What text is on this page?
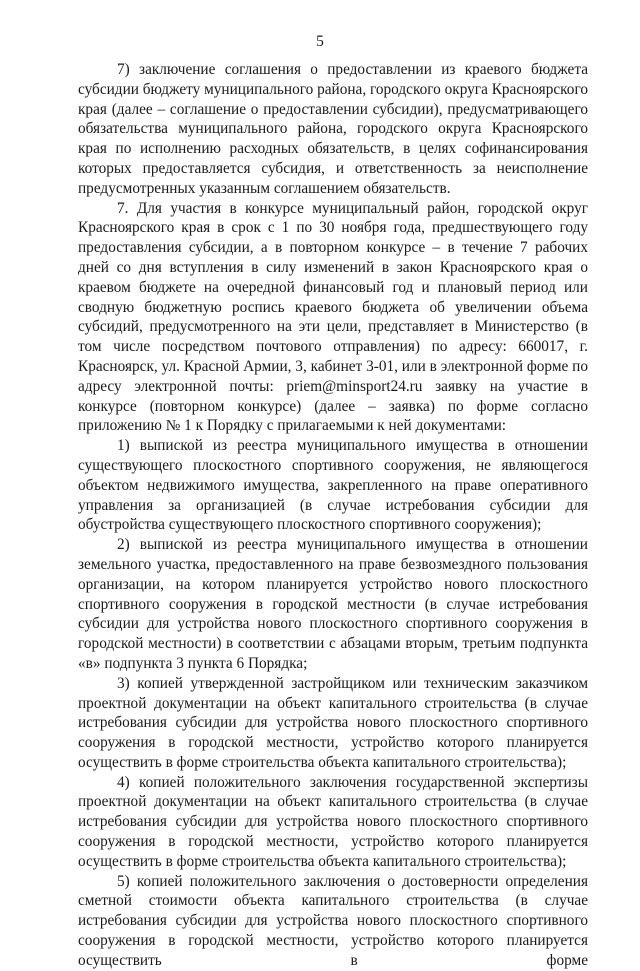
5

7) заключение соглашения о предоставлении из краевого бюджета субсидии бюджету муниципального района, городского округа Красноярского края (далее – соглашение о предоставлении субсидии), предусматривающего обязательства муниципального района, городского округа Красноярского края по исполнению расходных обязательств, в целях софинансирования которых предоставляется субсидия, и ответственность за неисполнение предусмотренных указанным соглашением обязательств.

7. Для участия в конкурсе муниципальный район, городской округ Красноярского края в срок с 1 по 30 ноября года, предшествующего году предоставления субсидии, а в повторном конкурсе – в течение 7 рабочих дней со дня вступления в силу изменений в закон Красноярского края о краевом бюджете на очередной финансовый год и плановый период или сводную бюджетную роспись краевого бюджета об увеличении объема субсидий, предусмотренного на эти цели, представляет в Министерство (в том числе посредством почтового отправления) по адресу: 660017, г. Красноярск, ул. Красной Армии, 3, кабинет 3-01, или в электронной форме по адресу электронной почты: priem@minsport24.ru заявку на участие в конкурсе (повторном конкурсе) (далее – заявка) по форме согласно приложению № 1 к Порядку с прилагаемыми к ней документами:

1) выпиской из реестра муниципального имущества в отношении существующего плоскостного спортивного сооружения, не являющегося объектом недвижимого имущества, закрепленного на праве оперативного управления за организацией (в случае истребования субсидии для обустройства существующего плоскостного спортивного сооружения);

2) выпиской из реестра муниципального имущества в отношении земельного участка, предоставленного на праве безвозмездного пользования организации, на котором планируется устройство нового плоскостного спортивного сооружения в городской местности (в случае истребования субсидии для устройства нового плоскостного спортивного сооружения в городской местности) в соответствии с абзацами вторым, третьим подпункта «в» подпункта 3 пункта 6 Порядка;

3) копией утвержденной застройщиком или техническим заказчиком проектной документации на объект капитального строительства (в случае истребования субсидии для устройства нового плоскостного спортивного сооружения в городской местности, устройство которого планируется осуществить в форме строительства объекта капитального строительства);

4) копией положительного заключения государственной экспертизы проектной документации на объект капитального строительства (в случае истребования субсидии для устройства нового плоскостного спортивного сооружения в городской местности, устройство которого планируется осуществить в форме строительства объекта капитального строительства);

5) копией положительного заключения о достоверности определения сметной стоимости объекта капитального строительства (в случае истребования субсидии для устройства нового плоскостного спортивного сооружения в городской местности, устройство которого планируется осуществить в форме
